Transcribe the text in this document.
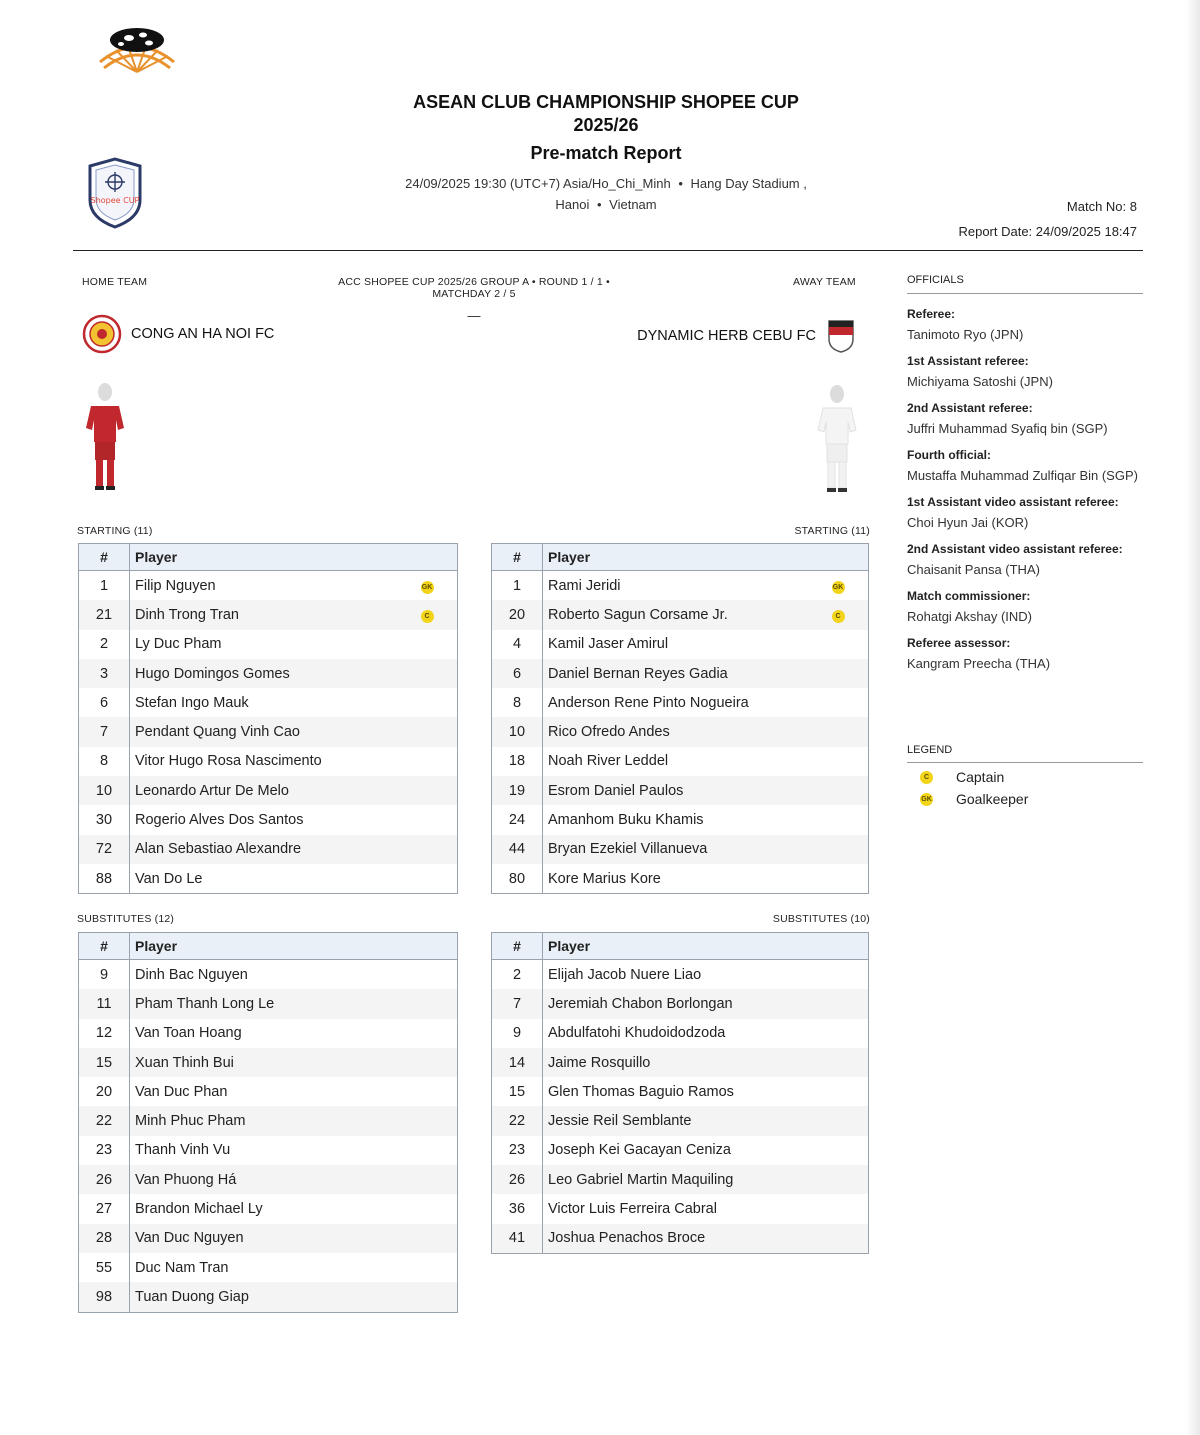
Shopee CUP
ASEAN CLUB CHAMPIONSHIP SHOPEE CUP
2025/26
Pre-match Report
24/09/2025 19:30 (UTC+7) Asia/Ho_Chi_Minh • Hang Day Stadium ,
Hanoi • Vietnam	Match No: 8
Report Date: 24/09/2025 18:47
HOME TEAM	ACC SHOPEE CUP 2025/26 GROUP A • ROUND 1 / 1 •
MATCHDAY 2 / 5
—
AWAY TEAM
CONG AN HA NOI FC	DYNAMIC HERB CEBU FC
STARTING (11)	STARTING (11)
SUBSTITUTES (12)	SUBSTITUTES (10)
#	Player	
1	Filip Nguyen	GK
21	Dinh Trong Tran	C
2	Ly Duc Pham	
3	Hugo Domingos Gomes	
6	Stefan Ingo Mauk	
7	Pendant Quang Vinh Cao	
8	Vitor Hugo Rosa Nascimento	
10	Leonardo Artur De Melo	
30	Rogerio Alves Dos Santos	
72	Alan Sebastiao Alexandre	
88	Van Do Le	
#	Player	
1	Rami Jeridi	GK
20	Roberto Sagun Corsame Jr.	C
4	Kamil Jaser Amirul	
6	Daniel Bernan Reyes Gadia	
8	Anderson Rene Pinto Nogueira	
10	Rico Ofredo Andes	
18	Noah River Leddel	
19	Esrom Daniel Paulos	
24	Amanhom Buku Khamis	
44	Bryan Ezekiel Villanueva	
80	Kore Marius Kore	
#	Player
9	Dinh Bac Nguyen
11	Pham Thanh Long Le
12	Van Toan Hoang
15	Xuan Thinh Bui
20	Van Duc Phan
22	Minh Phuc Pham
23	Thanh Vinh Vu
26	Van Phuong Há
27	Brandon Michael Ly
28	Van Duc Nguyen
55	Duc Nam Tran
98	Tuan Duong Giap
#	Player
2	Elijah Jacob Nuere Liao
7	Jeremiah Chabon Borlongan
9	Abdulfatohi Khudoidodzoda
14	Jaime Rosquillo
15	Glen Thomas Baguio Ramos
22	Jessie Reil Semblante
23	Joseph Kei Gacayan Ceniza
26	Leo Gabriel Martin Maquiling
36	Victor Luis Ferreira Cabral
41	Joshua Penachos Broce
OFFICIALS
Referee:
Tanimoto Ryo (JPN)
1st Assistant referee:
Michiyama Satoshi (JPN)
2nd Assistant referee:
Juffri Muhammad Syafiq bin (SGP)
Fourth official:
Mustaffa Muhammad Zulfiqar Bin (SGP)
1st Assistant video assistant referee:
Choi Hyun Jai (KOR)
2nd Assistant video assistant referee:
Chaisanit Pansa (THA)
Match commissioner:
Rohatgi Akshay (IND)
Referee assessor:
Kangram Preecha (THA)
LEGEND
C Captain
GK Goalkeeper
